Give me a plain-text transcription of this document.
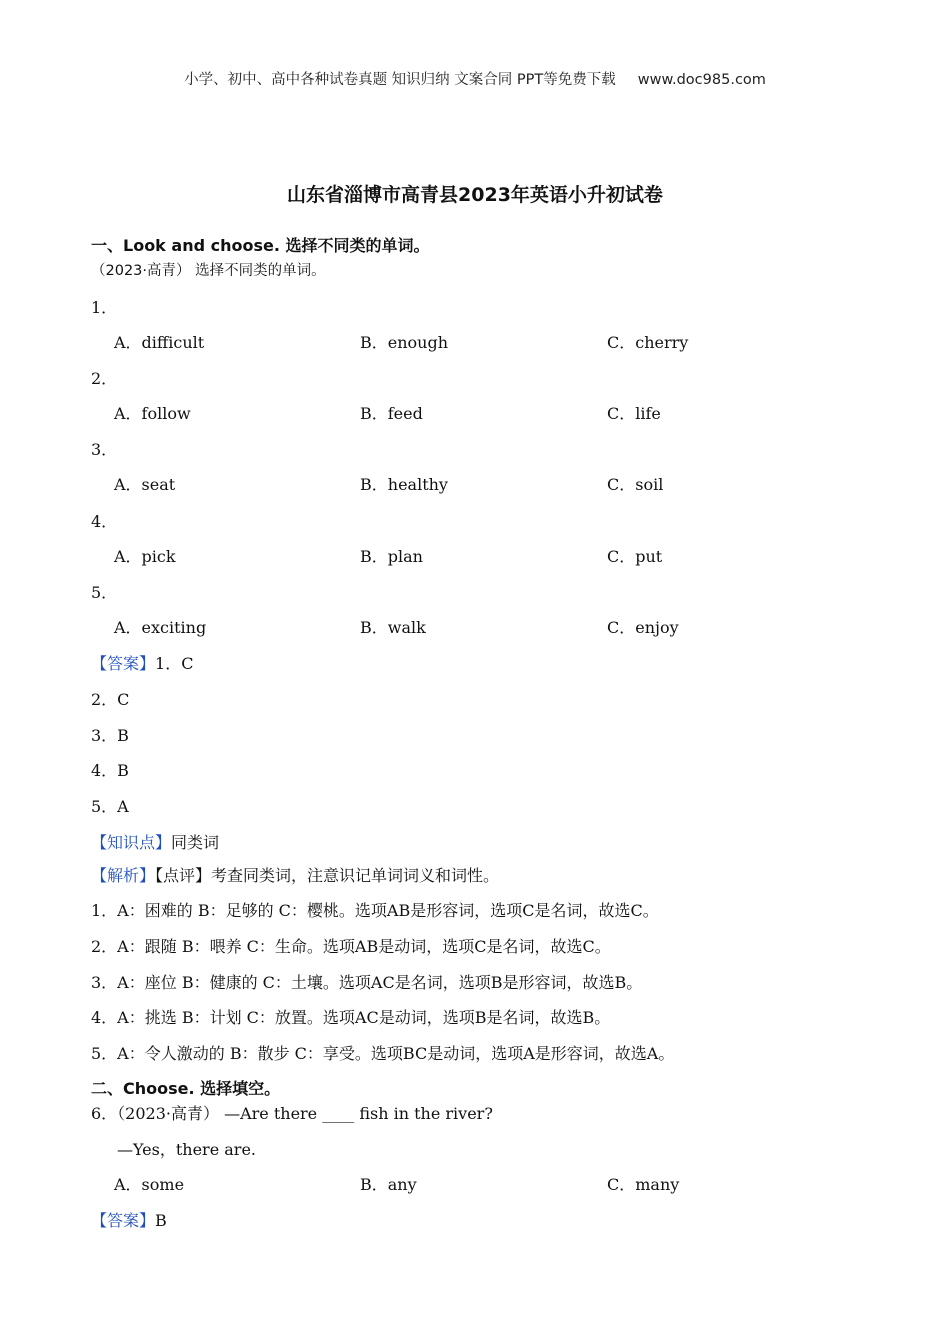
小学、初中、高中各种试卷真题 知识归纳 文案合同 PPT等免费下载 www.doc985.com
山东省淄博市高青县2023年英语小升初试卷
一、Look and choose. 选择不同类的单词。
（2023·高青） 选择不同类的单词。
1．
A．difficult	B．enough	C．cherry
2．
A．follow	B．feed	C．life
3．
A．seat	B．healthy	C．soil
4．
A．pick	B．plan	C．put
5．
A．exciting	B．walk	C．enjoy
【答案】1．C
2．C
3．B
4．B
5．A
【知识点】同类词
【解析】【点评】考查同类词，注意识记单词词义和词性。
1．A：困难的 B：足够的 C：樱桃。选项AB是形容词，选项C是名词，故选C。
2．A：跟随 B：喂养 C：生命。选项AB是动词，选项C是名词，故选C。
3．A：座位 B：健康的 C：土壤。选项AC是名词，选项B是形容词，故选B。
4．A：挑选 B：计划 C：放置。选项AC是动词，选项B是名词，故选B。
5．A：令人激动的 B：散步 C：享受。选项BC是动词，选项A是形容词，故选A。
二、Choose. 选择填空。
6．（2023·高青） —Are there ____ fish in the river?
—Yes，there are.
A．some	B．any	C．many
【答案】B
